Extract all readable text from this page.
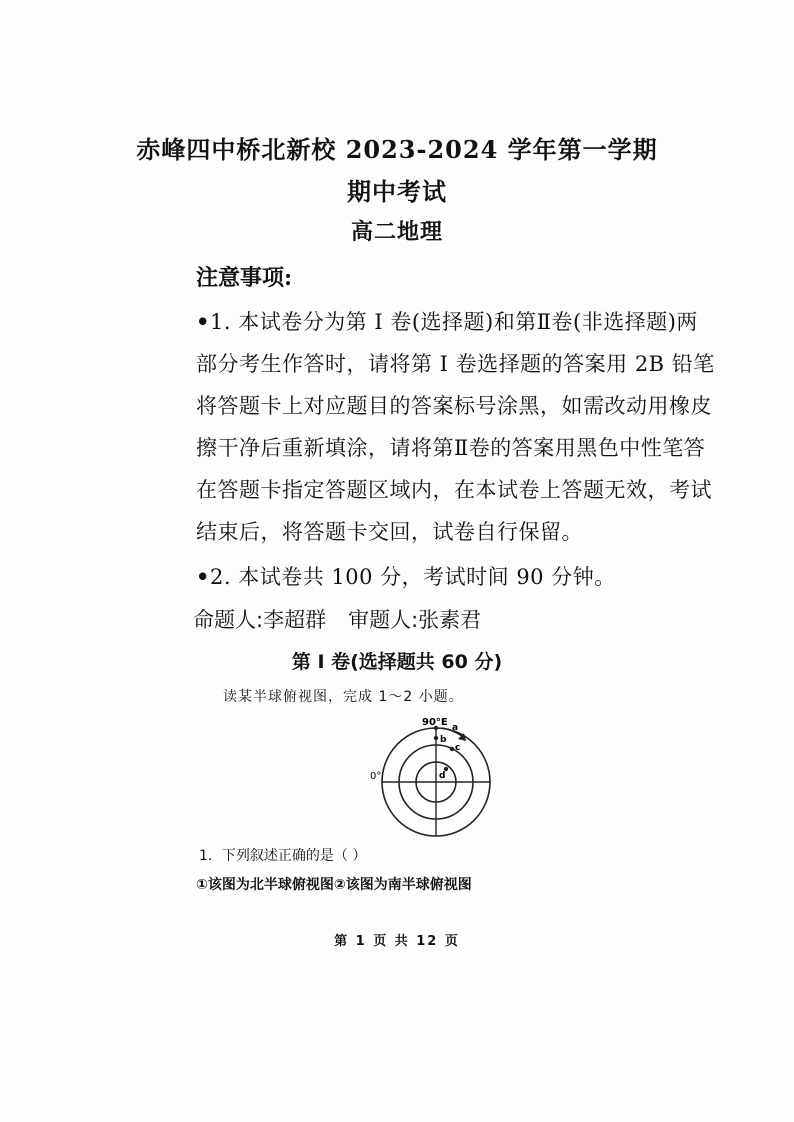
赤峰四中桥北新校 2023-2024 学年第一学期
期中考试
高二地理
注意事项:
•1. 本试卷分为第 I 卷(选择题)和第Ⅱ卷(非选择题)两
部分考生作答时，请将第 I 卷选择题的答案用 2B 铅笔
将答题卡上对应题目的答案标号涂黑，如需改动用橡皮
擦干净后重新填涂，请将第Ⅱ卷的答案用黑色中性笔答
在答题卡指定答题区域内，在本试卷上答题无效，考试
结束后，将答题卡交回，试卷自行保留。
•2. 本试卷共 100 分，考试时间 90 分钟。
命题人:李超群 审题人:张素君
第 I 卷(选择题共 60 分)
读某半球俯视图，完成 1～2 小题。
90°E a
b
c
d
0°
1．下列叙述正确的是（ ）
①该图为北半球俯视图②该图为南半球俯视图
第 1 页 共 12 页
